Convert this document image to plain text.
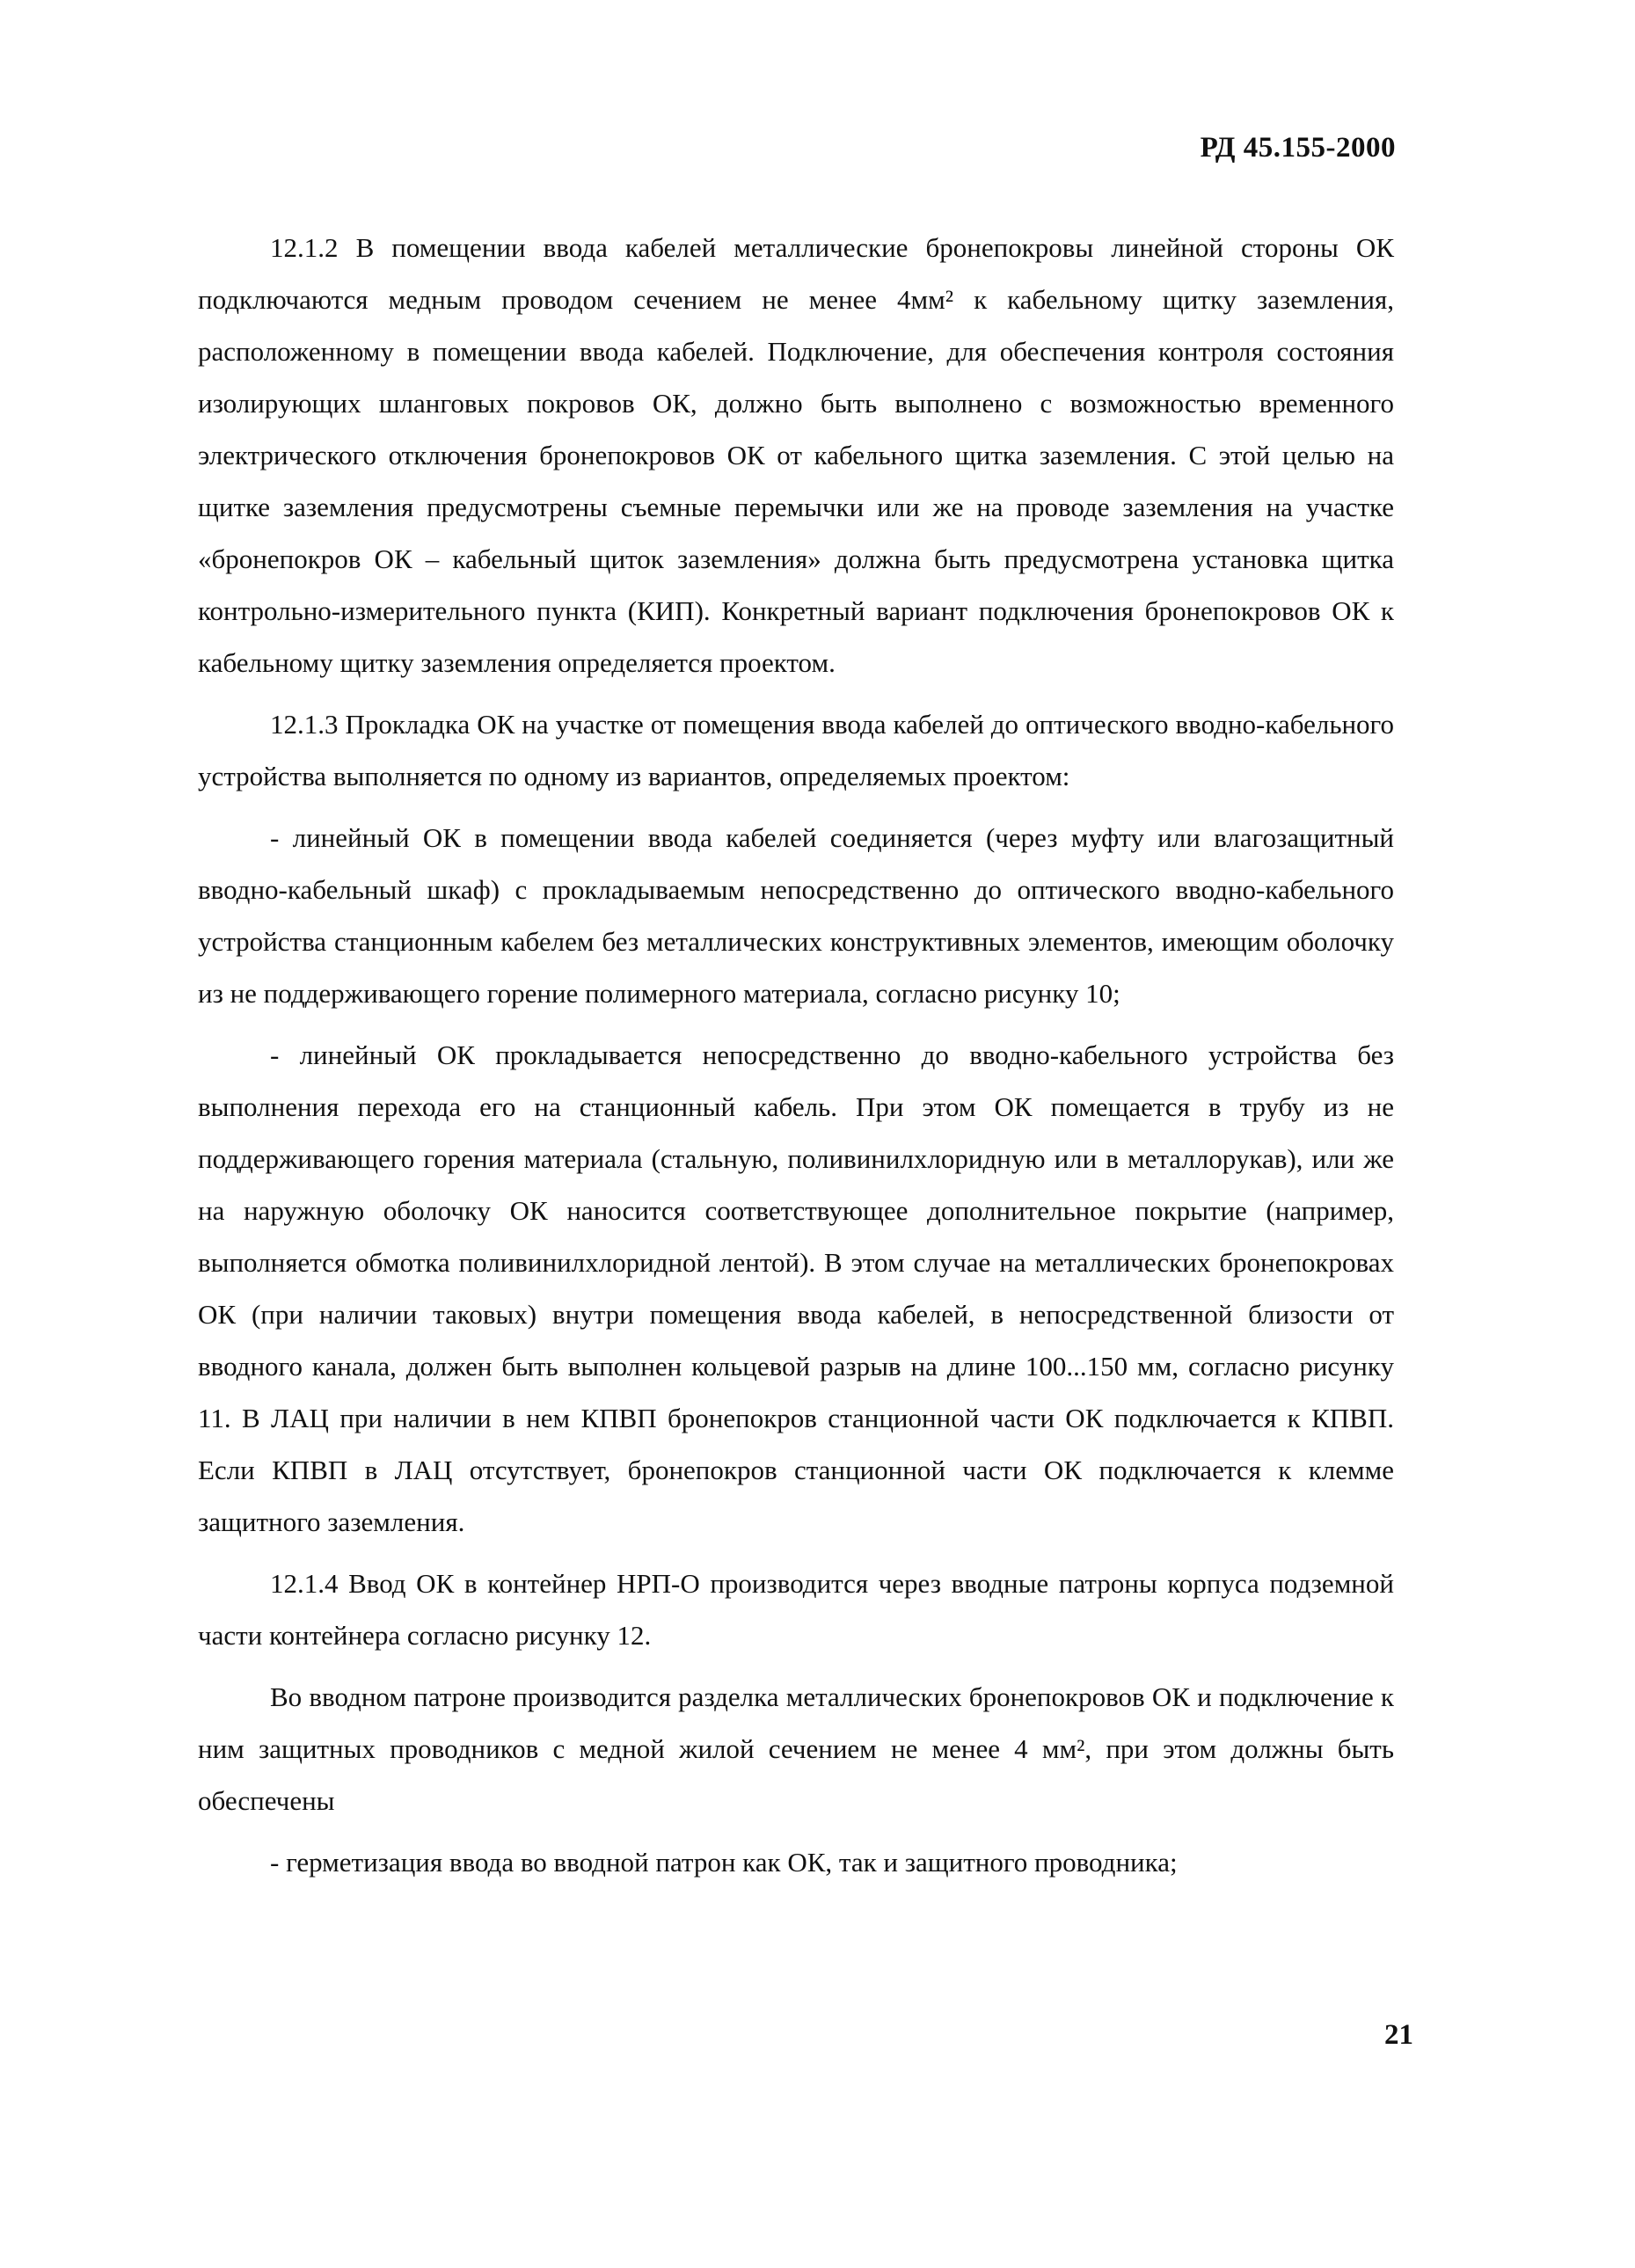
РД 45.155-2000

12.1.2 В помещении ввода кабелей металлические бронепокровы линейной стороны ОК подключаются медным проводом сечением не менее 4мм² к кабельному щитку заземления, расположенному в помещении ввода кабелей. Подключение, для обеспечения контроля состояния изолирующих шланговых покровов ОК, должно быть выполнено с возможностью временного электрического отключения бронепокровов ОК от кабельного щитка заземления. С этой целью на щитке заземления предусмотрены съемные перемычки или же на проводе заземления на участке «бронепокров ОК – кабельный щиток заземления» должна быть предусмотрена установка щитка контрольно-измерительного пункта (КИП). Конкретный вариант подключения бронепокровов ОК к кабельному щитку заземления определяется проектом.

12.1.3 Прокладка ОК на участке от помещения ввода кабелей до оптического вводно-кабельного устройства выполняется по одному из вариантов, определяемых проектом:

- линейный ОК в помещении ввода кабелей соединяется (через муфту или влагозащитный вводно-кабельный шкаф) с прокладываемым непосредственно до оптического вводно-кабельного устройства станционным кабелем без металлических конструктивных элементов, имеющим оболочку из не поддерживающего горение полимерного материала, согласно рисунку 10;

- линейный ОК прокладывается непосредственно до вводно-кабельного устройства без выполнения перехода его на станционный кабель. При этом ОК помещается в трубу из не поддерживающего горения материала (стальную, поливинилхлоридную или в металлорукав), или же на наружную оболочку ОК наносится соответствующее дополнительное покрытие (например, выполняется обмотка поливинилхлоридной лентой). В этом случае на металлических бронепокровах ОК (при наличии таковых) внутри помещения ввода кабелей, в непосредственной близости от вводного канала, должен быть выполнен кольцевой разрыв на длине 100...150 мм, согласно рисунку 11. В ЛАЦ при наличии в нем КПВП бронепокров станционной части ОК подключается к КПВП. Если КПВП в ЛАЦ отсутствует, бронепокров станционной части ОК подключается к клемме защитного заземления.

12.1.4 Ввод ОК в контейнер НРП-О производится через вводные патроны корпуса подземной части контейнера согласно рисунку 12.

Во вводном патроне производится разделка металлических бронепокровов ОК и подключение к ним защитных проводников с медной жилой сечением не менее 4 мм², при этом должны быть обеспечены

- герметизация ввода во вводной патрон как ОК, так и защитного проводника;

21
